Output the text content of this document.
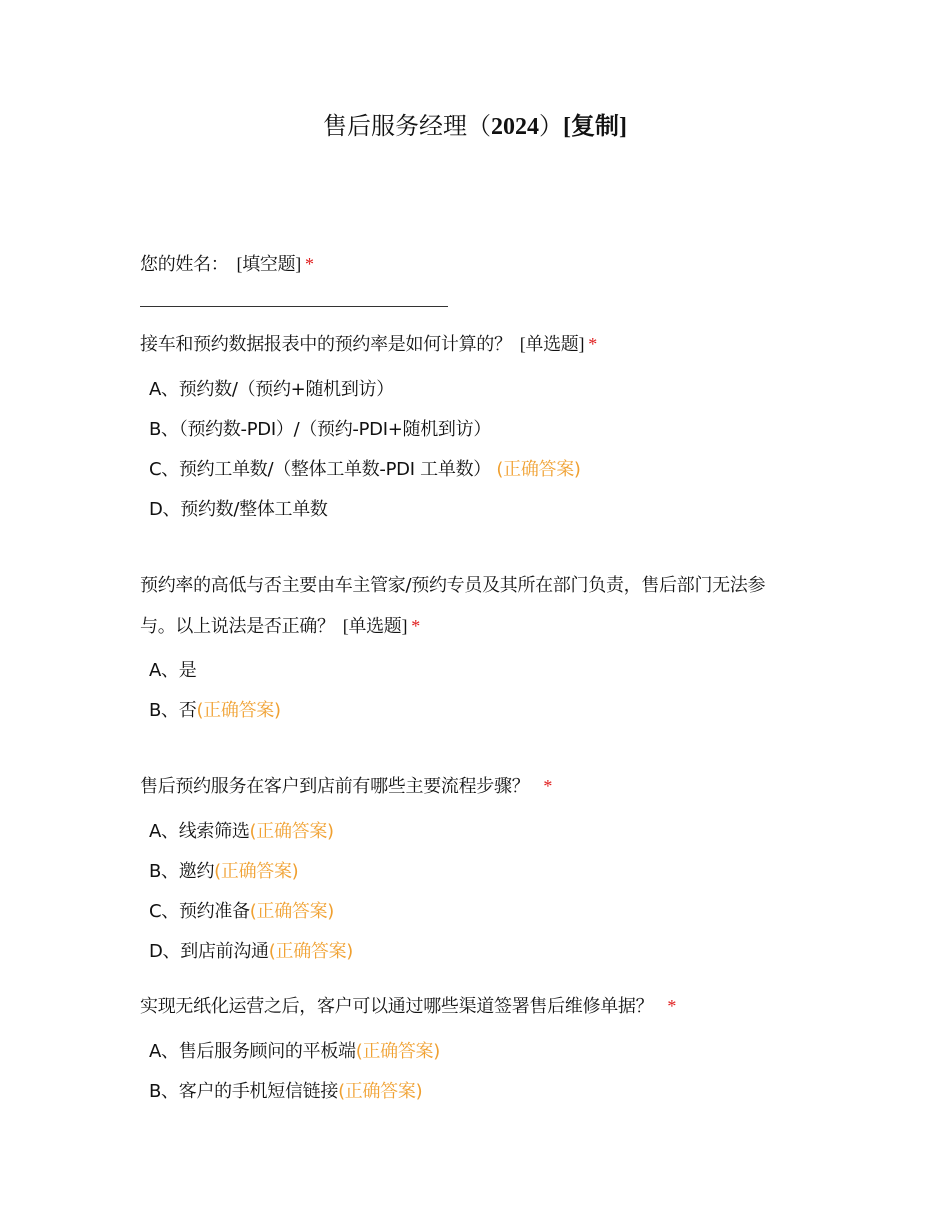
售后服务经理（2024）[复制]
您的姓名： [填空题] *
接车和预约数据报表中的预约率是如何计算的？ [单选题] *
A、预约数/（预约+随机到访）
B、（预约数-PDI）/（预约-PDI+随机到访）
C、预约工单数/（整体工单数-PDI 工单数） (正确答案)
D、预约数/整体工单数
预约率的高低与否主要由车主管家/预约专员及其所在部门负责，售后部门无法参
与。以上说法是否正确？ [单选题] *
A、是
B、否(正确答案)
售后预约服务在客户到店前有哪些主要流程步骤？ *
A、线索筛选(正确答案)
B、邀约(正确答案)
C、预约准备(正确答案)
D、到店前沟通(正确答案)
实现无纸化运营之后，客户可以通过哪些渠道签署售后维修单据？ *
A、售后服务顾问的平板端(正确答案)
B、客户的手机短信链接(正确答案)
